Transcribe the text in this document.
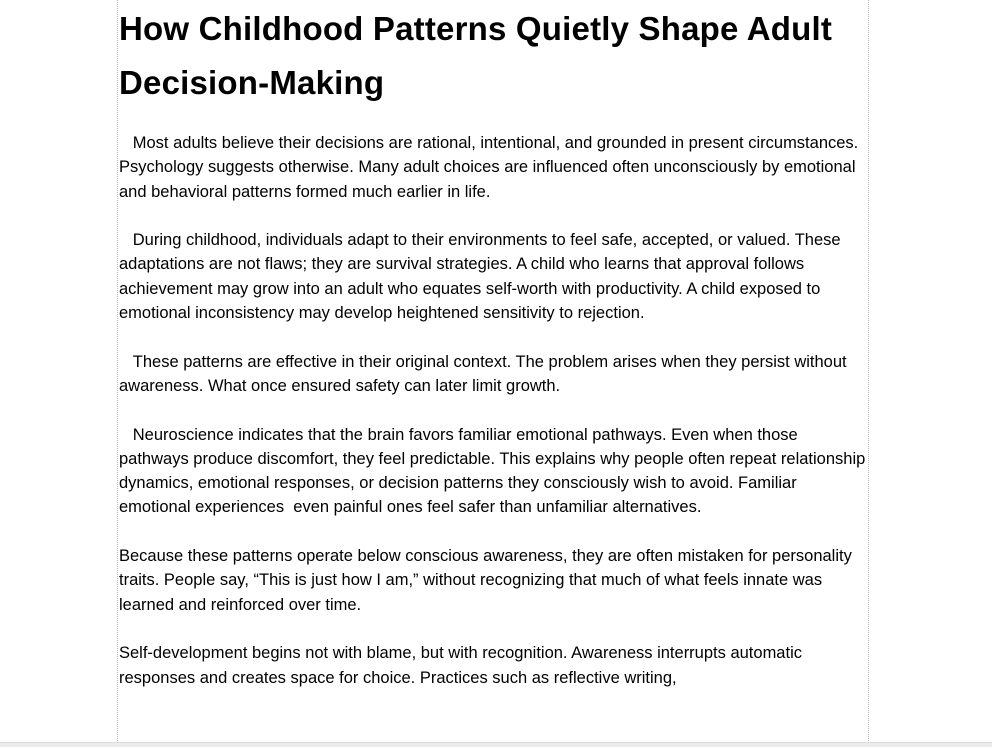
How Childhood Patterns Quietly Shape Adult Decision-Making

Most adults believe their decisions are rational, intentional, and grounded in present circumstances. Psychology suggests otherwise. Many adult choices are influenced often unconsciously by emotional and behavioral patterns formed much earlier in life.

During childhood, individuals adapt to their environments to feel safe, accepted, or valued. These adaptations are not flaws; they are survival strategies. A child who learns that approval follows achievement may grow into an adult who equates self-worth with productivity. A child exposed to emotional inconsistency may develop heightened sensitivity to rejection.

These patterns are effective in their original context. The problem arises when they persist without awareness. What once ensured safety can later limit growth.

Neuroscience indicates that the brain favors familiar emotional pathways. Even when those pathways produce discomfort, they feel predictable. This explains why people often repeat relationship dynamics, emotional responses, or decision patterns they consciously wish to avoid. Familiar emotional experiences  even painful ones feel safer than unfamiliar alternatives.

Because these patterns operate below conscious awareness, they are often mistaken for personality traits. People say, “This is just how I am,” without recognizing that much of what feels innate was learned and reinforced over time.

Self-development begins not with blame, but with recognition. Awareness interrupts automatic responses and creates space for choice. Practices such as reflective writing,
